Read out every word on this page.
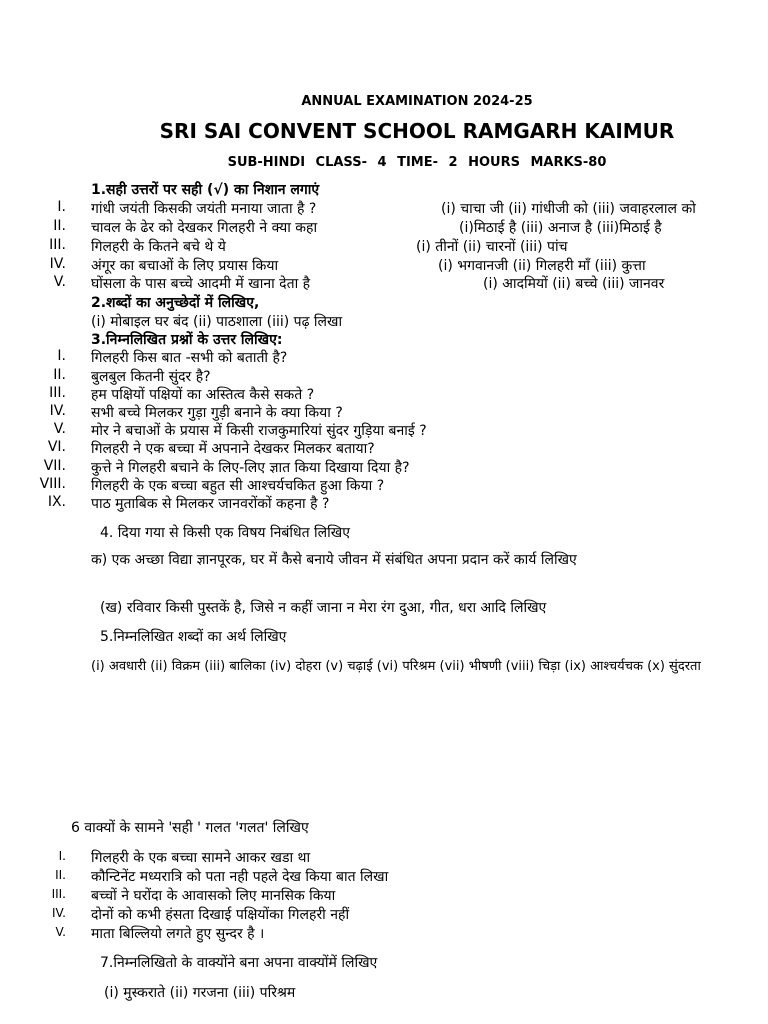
ANNUAL EXAMINATION 2024-25
SRI SAI CONVENT SCHOOL RAMGARH KAIMUR
SUB-HINDI CLASS- 4 TIME- 2 HOURS MARKS-80
1.सही उत्तरों पर सही (√) का निशान लगाएं
I. गांधी जयंती किसकी जयंती मनाया जाता है ?	(i) चाचा जी (ii) गांधीजी को (iii) जवाहरलाल को
II. चावल के ढेर को देखकर गिलहरी ने क्या कहा	(i)मिठाई है (iii) अनाज है (iii)मिठाई है
III. गिलहरी के कितने बचे थे ये	(i) तीनों (ii) चारनों (iii) पांच
IV. अंगूर का बचाओं के लिए प्रयास किया	(i) भगवानजी (ii) गिलहरी माँ (iii) कुत्ता
V. घोंसला के पास बच्चे आदमी में खाना देता है	(i) आदमियों (ii) बच्चे (iii) जानवर
2.शब्दों का अनुच्छेदों में लिखिए,
(i) मोबाइल घर बंद (ii) पाठशाला (iii) पढ़ लिखा
3.निम्नलिखित प्रश्नों के उत्तर लिखिए:
I. गिलहरी किस बात -सभी को बताती है?
II. बुलबुल कितनी सुंदर है?
III. हम पक्षियों पक्षियों का अस्तित्व कैसे सकते ?
IV. सभी बच्चे मिलकर गुड़ा गुड़ी बनाने के क्या किया ?
V. मोर ने बचाओं के प्रयास में किसी राजकुमारियां सुंदर गुड़िया बनाई ?
VI. गिलहरी ने एक बच्चा में अपनाने देखकर मिलकर बताया?
VII. कुत्ते ने गिलहरी बचाने के लिए-लिए ज्ञात किया दिखाया दिया है?
VIII. गिलहरी के एक बच्चा बहुत सी आश्चर्यचकित हुआ किया ?
IX. पाठ मुताबिक से मिलकर जानवरोंकों कहना है ?
4. दिया गया से किसी एक विषय निबंधित लिखिए
क) एक अच्छा विद्या ज्ञानपूरक, घर में कैसे बनाये जीवन में संबंधित अपना प्रदान करें कार्य लिखिए
(ख) रविवार किसी पुस्तकें है, जिसे न कहीं जाना न मेरा रंग दुआ, गीत, धरा आदि लिखिए
5.निम्नलिखित शब्दों का अर्थ लिखिए
(i) अवधारी (ii) विक्रम (iii) बालिका (iv) दोहरा (v) चढ़ाई (vi) परिश्रम (vii) भीषणी (viii) चिड़ा (ix) आश्चर्यचक (x) सुंदरता
6 वाक्यों के सामने 'सही ' गलत 'गलत' लिखिए
I. गिलहरी के एक बच्चा सामने आकर खडा था
II. कौन्टिनेंट मध्यरात्रि को पता नही पहले देख किया बात लिखा
III. बच्चों ने घरोंदा के आवासको लिए मानसिक किया
IV. दोनों को कभी हंसता दिखाई पक्षियोंका गिलहरी नहीं
V. माता बिल्लियो लगते हुए सुन्दर है ।
7.निम्नलिखितो के वाक्योंने बना अपना वाक्योंमें लिखिए
(i) मुस्कराते (ii) गरजना (iii) परिश्रम
